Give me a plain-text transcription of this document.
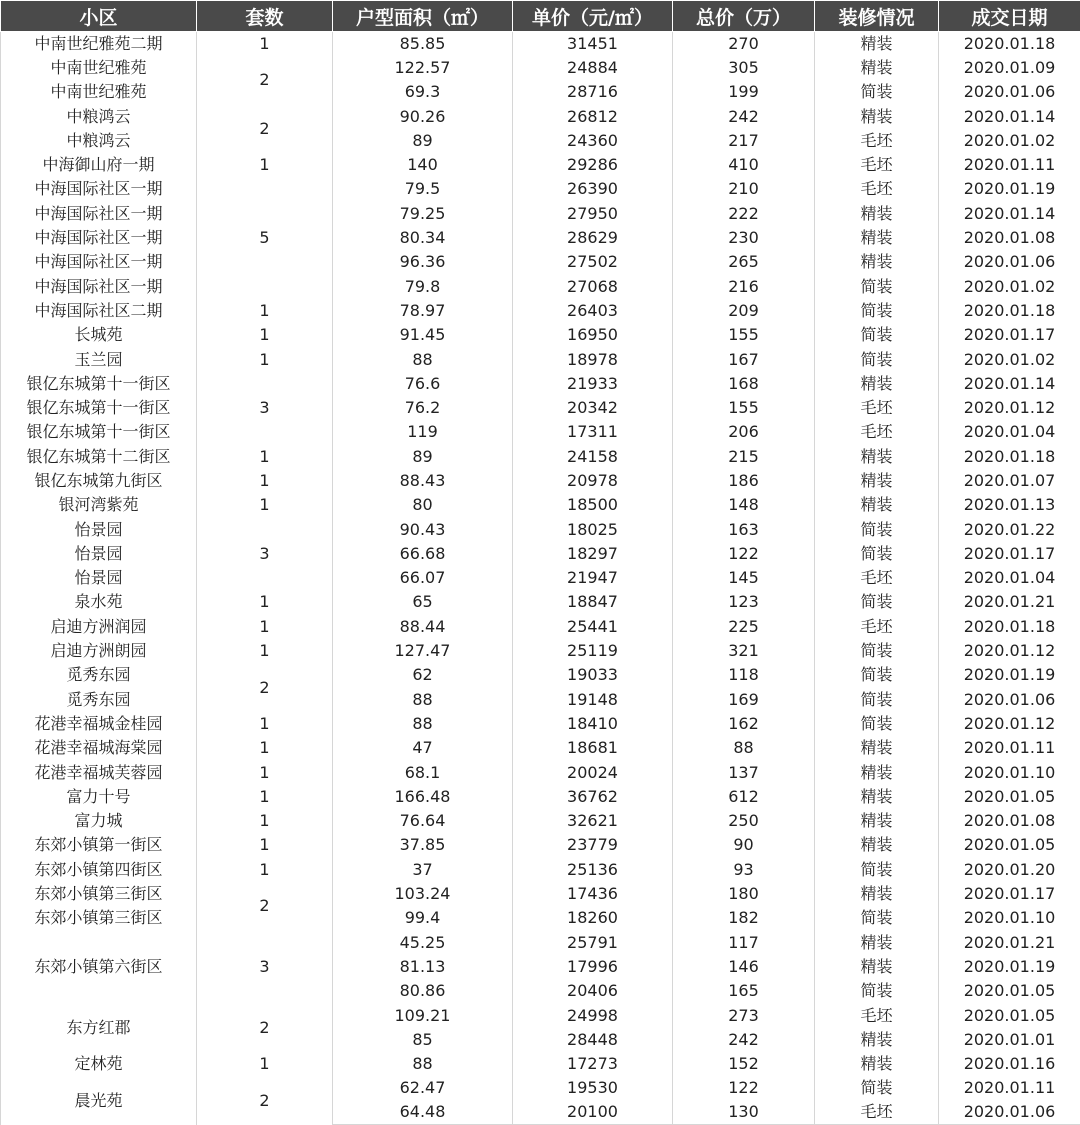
小区	套数	户型面积（㎡）	单价（元/㎡）	总价（万）	装修情况	成交日期
中南世纪雅苑二期	1	85.85	31451	270	精装	2020.01.18
中南世纪雅苑	2	122.57	24884	305	精装	2020.01.09
中南世纪雅苑		69.3	28716	199	简装	2020.01.06
中粮鸿云	2	90.26	26812	242	精装	2020.01.14
中粮鸿云		89	24360	217	毛坯	2020.01.02
中海御山府一期	1	140	29286	410	毛坯	2020.01.11
中海国际社区一期	5	79.5	26390	210	毛坯	2020.01.19
中海国际社区一期		79.25	27950	222	精装	2020.01.14
中海国际社区一期		80.34	28629	230	精装	2020.01.08
中海国际社区一期		96.36	27502	265	精装	2020.01.06
中海国际社区一期		79.8	27068	216	简装	2020.01.02
中海国际社区二期	1	78.97	26403	209	简装	2020.01.18
长城苑	1	91.45	16950	155	简装	2020.01.17
玉兰园	1	88	18978	167	简装	2020.01.02
银亿东城第十一街区	3	76.6	21933	168	精装	2020.01.14
银亿东城第十一街区		76.2	20342	155	毛坯	2020.01.12
银亿东城第十一街区		119	17311	206	毛坯	2020.01.04
银亿东城第十二街区	1	89	24158	215	精装	2020.01.18
银亿东城第九街区	1	88.43	20978	186	精装	2020.01.07
银河湾紫苑	1	80	18500	148	精装	2020.01.13
怡景园	3	90.43	18025	163	简装	2020.01.22
怡景园		66.68	18297	122	简装	2020.01.17
怡景园		66.07	21947	145	毛坯	2020.01.04
泉水苑	1	65	18847	123	简装	2020.01.21
启迪方洲润园	1	88.44	25441	225	毛坯	2020.01.18
启迪方洲朗园	1	127.47	25119	321	简装	2020.01.12
觅秀东园	2	62	19033	118	简装	2020.01.19
觅秀东园		88	19148	169	简装	2020.01.06
花港幸福城金桂园	1	88	18410	162	简装	2020.01.12
花港幸福城海棠园	1	47	18681	88	精装	2020.01.11
花港幸福城芙蓉园	1	68.1	20024	137	精装	2020.01.10
富力十号	1	166.48	36762	612	精装	2020.01.05
富力城	1	76.64	32621	250	精装	2020.01.08
东郊小镇第一街区	1	37.85	23779	90	精装	2020.01.05
东郊小镇第四街区	1	37	25136	93	简装	2020.01.20
东郊小镇第三街区	2	103.24	17436	180	精装	2020.01.17
东郊小镇第三街区		99.4	18260	182	简装	2020.01.10
东郊小镇第六街区	3	45.25	25791	117	精装	2020.01.21
		81.13	17996	146	精装	2020.01.19
		80.86	20406	165	简装	2020.01.05
东方红郡	2	109.21	24998	273	毛坯	2020.01.05
		85	28448	242	精装	2020.01.01
定林苑	1	88	17273	152	精装	2020.01.16
晨光苑	2	62.47	19530	122	简装	2020.01.11
		64.48	20100	130	毛坯	2020.01.06
